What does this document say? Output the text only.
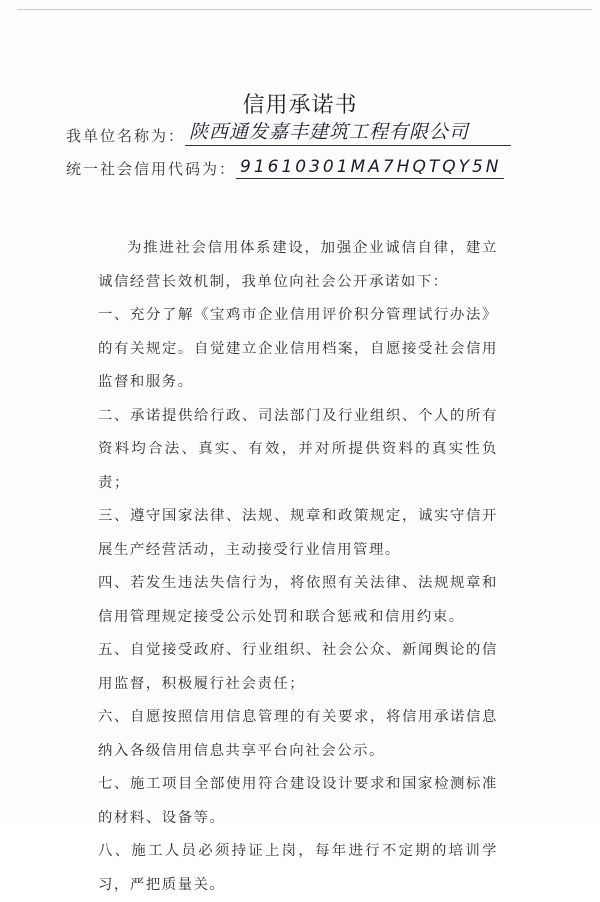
信用承诺书
我单位名称为： 陕西通发嘉丰建筑工程有限公司
统一社会信用代码为： 91610301MA7HQTQY5N

为推进社会信用体系建设，加强企业诚信自律，建立诚信经营长效机制，我单位向社会公开承诺如下：

一、充分了解《宝鸡市企业信用评价积分管理试行办法》的有关规定。自觉建立企业信用档案，自愿接受社会信用监督和服务。

二、承诺提供给行政、司法部门及行业组织、个人的所有资料均合法、真实、有效，并对所提供资料的真实性负责；

三、遵守国家法律、法规、规章和政策规定，诚实守信开展生产经营活动，主动接受行业信用管理。

四、若发生违法失信行为，将依照有关法律、法规规章和信用管理规定接受公示处罚和联合惩戒和信用约束。

五、自觉接受政府、行业组织、社会公众、新闻舆论的信用监督，积极履行社会责任；

六、自愿按照信用信息管理的有关要求，将信用承诺信息纳入各级信用信息共享平台向社会公示。

七、施工项目全部使用符合建设设计要求和国家检测标准的材料、设备等。

八、施工人员必须持证上岗，每年进行不定期的培训学习，严把质量关。
